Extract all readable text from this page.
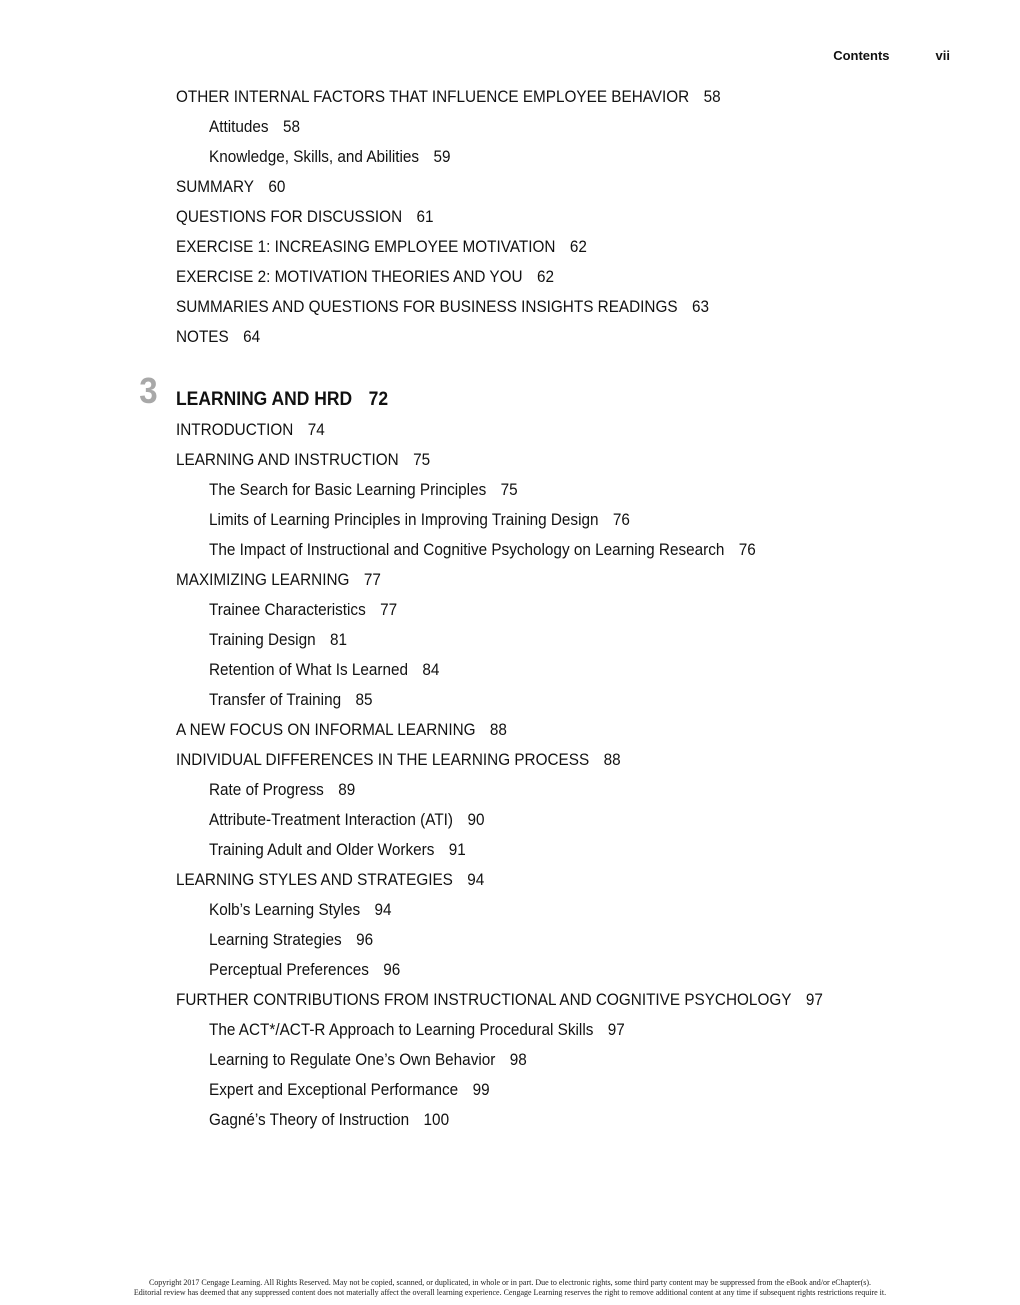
Contents	vii
OTHER INTERNAL FACTORS THAT INFLUENCE EMPLOYEE BEHAVIOR 58
Attitudes 58
Knowledge, Skills, and Abilities 59
SUMMARY 60
QUESTIONS FOR DISCUSSION 61
EXERCISE 1: INCREASING EMPLOYEE MOTIVATION 62
EXERCISE 2: MOTIVATION THEORIES AND YOU 62
SUMMARIES AND QUESTIONS FOR BUSINESS INSIGHTS READINGS 63
NOTES 64
3 LEARNING AND HRD 72
INTRODUCTION 74
LEARNING AND INSTRUCTION 75
The Search for Basic Learning Principles 75
Limits of Learning Principles in Improving Training Design 76
The Impact of Instructional and Cognitive Psychology on Learning Research 76
MAXIMIZING LEARNING 77
Trainee Characteristics 77
Training Design 81
Retention of What Is Learned 84
Transfer of Training 85
A NEW FOCUS ON INFORMAL LEARNING 88
INDIVIDUAL DIFFERENCES IN THE LEARNING PROCESS 88
Rate of Progress 89
Attribute-Treatment Interaction (ATI) 90
Training Adult and Older Workers 91
LEARNING STYLES AND STRATEGIES 94
Kolb’s Learning Styles 94
Learning Strategies 96
Perceptual Preferences 96
FURTHER CONTRIBUTIONS FROM INSTRUCTIONAL AND COGNITIVE PSYCHOLOGY 97
The ACT*/ACT-R Approach to Learning Procedural Skills 97
Learning to Regulate One’s Own Behavior 98
Expert and Exceptional Performance 99
Gagné’s Theory of Instruction 100
Copyright 2017 Cengage Learning. All Rights Reserved. May not be copied, scanned, or duplicated, in whole or in part. Due to electronic rights, some third party content may be suppressed from the eBook and/or eChapter(s).
Editorial review has deemed that any suppressed content does not materially affect the overall learning experience. Cengage Learning reserves the right to remove additional content at any time if subsequent rights restrictions require it.
